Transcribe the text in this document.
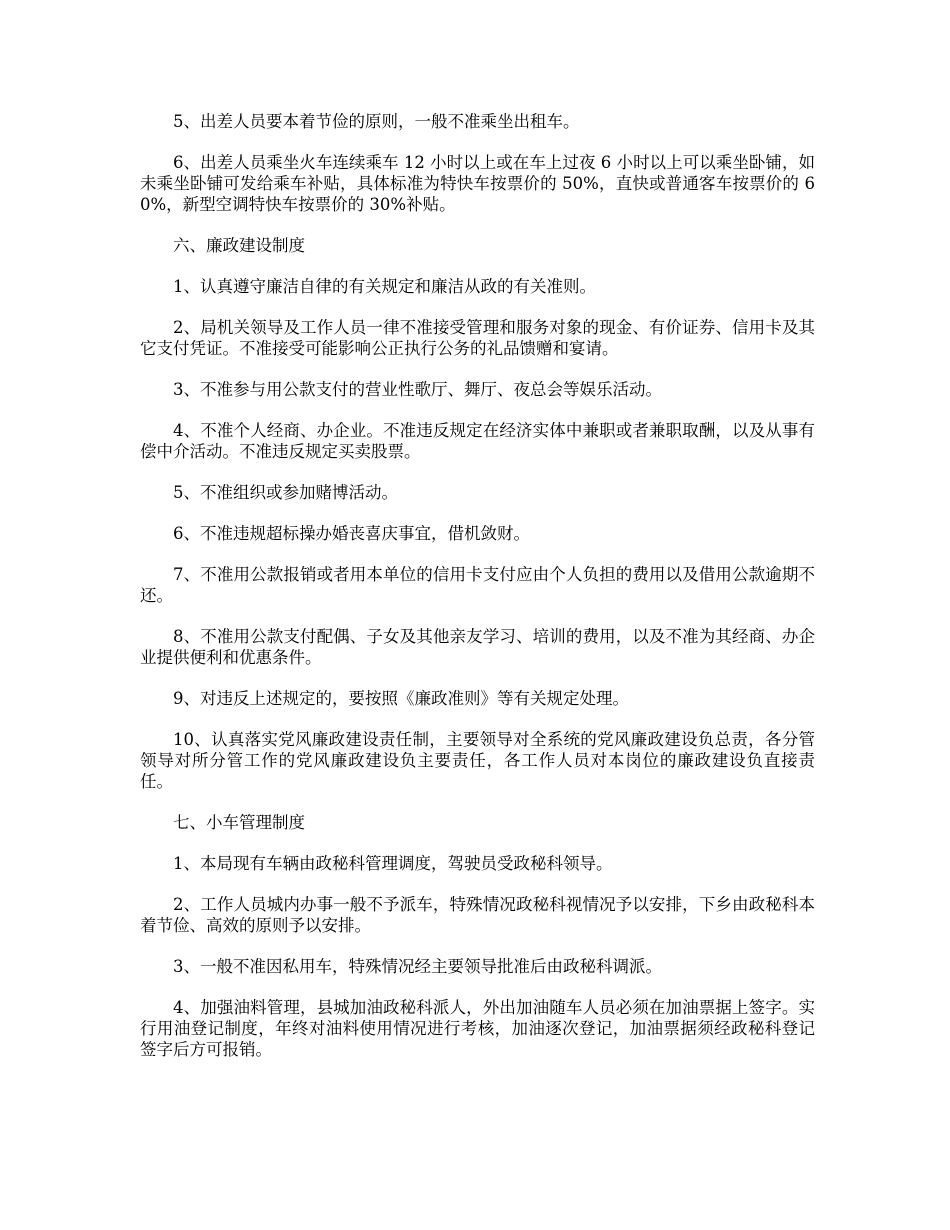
5、出差人员要本着节俭的原则，一般不准乘坐出租车。

6、出差人员乘坐火车连续乘车 12 小时以上或在车上过夜 6 小时以上可以乘坐卧铺，如未乘坐卧铺可发给乘车补贴，具体标准为特快车按票价的 50%，直快或普通客车按票价的 60%，新型空调特快车按票价的 30%补贴。

六、廉政建设制度

1、认真遵守廉洁自律的有关规定和廉洁从政的有关准则。

2、局机关领导及工作人员一律不准接受管理和服务对象的现金、有价证券、信用卡及其它支付凭证。不准接受可能影响公正执行公务的礼品馈赠和宴请。

3、不准参与用公款支付的营业性歌厅、舞厅、夜总会等娱乐活动。

4、不准个人经商、办企业。不准违反规定在经济实体中兼职或者兼职取酬，以及从事有偿中介活动。不准违反规定买卖股票。

5、不准组织或参加赌博活动。

6、不准违规超标操办婚丧喜庆事宜，借机敛财。

7、不准用公款报销或者用本单位的信用卡支付应由个人负担的费用以及借用公款逾期不还。

8、不准用公款支付配偶、子女及其他亲友学习、培训的费用，以及不准为其经商、办企业提供便利和优惠条件。

9、对违反上述规定的，要按照《廉政准则》等有关规定处理。

10、认真落实党风廉政建设责任制，主要领导对全系统的党风廉政建设负总责，各分管领导对所分管工作的党风廉政建设负主要责任，各工作人员对本岗位的廉政建设负直接责任。

七、小车管理制度

1、本局现有车辆由政秘科管理调度，驾驶员受政秘科领导。

2、工作人员城内办事一般不予派车，特殊情况政秘科视情况予以安排，下乡由政秘科本着节俭、高效的原则予以安排。

3、一般不准因私用车，特殊情况经主要领导批准后由政秘科调派。

4、加强油料管理，县城加油政秘科派人，外出加油随车人员必须在加油票据上签字。实行用油登记制度，年终对油料使用情况进行考核，加油逐次登记，加油票据须经政秘科登记签字后方可报销。
